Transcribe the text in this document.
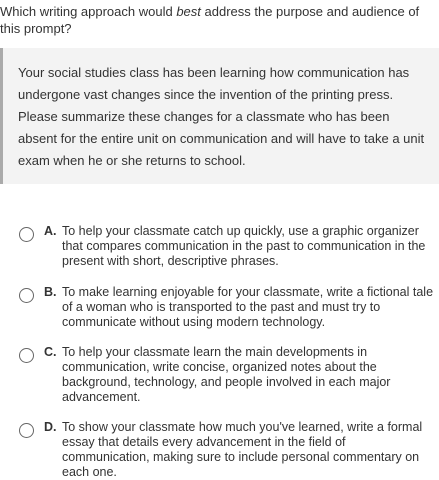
Which writing approach would best address the purpose and audience of this prompt?
Your social studies class has been learning how communication has undergone vast changes since the invention of the printing press. Please summarize these changes for a classmate who has been absent for the entire unit on communication and will have to take a unit exam when he or she returns to school.
A. To help your classmate catch up quickly, use a graphic organizer that compares communication in the past to communication in the present with short, descriptive phrases.
B. To make learning enjoyable for your classmate, write a fictional tale of a woman who is transported to the past and must try to communicate without using modern technology.
C. To help your classmate learn the main developments in communication, write concise, organized notes about the background, technology, and people involved in each major advancement.
D. To show your classmate how much you've learned, write a formal essay that details every advancement in the field of communication, making sure to include personal commentary on each one.
